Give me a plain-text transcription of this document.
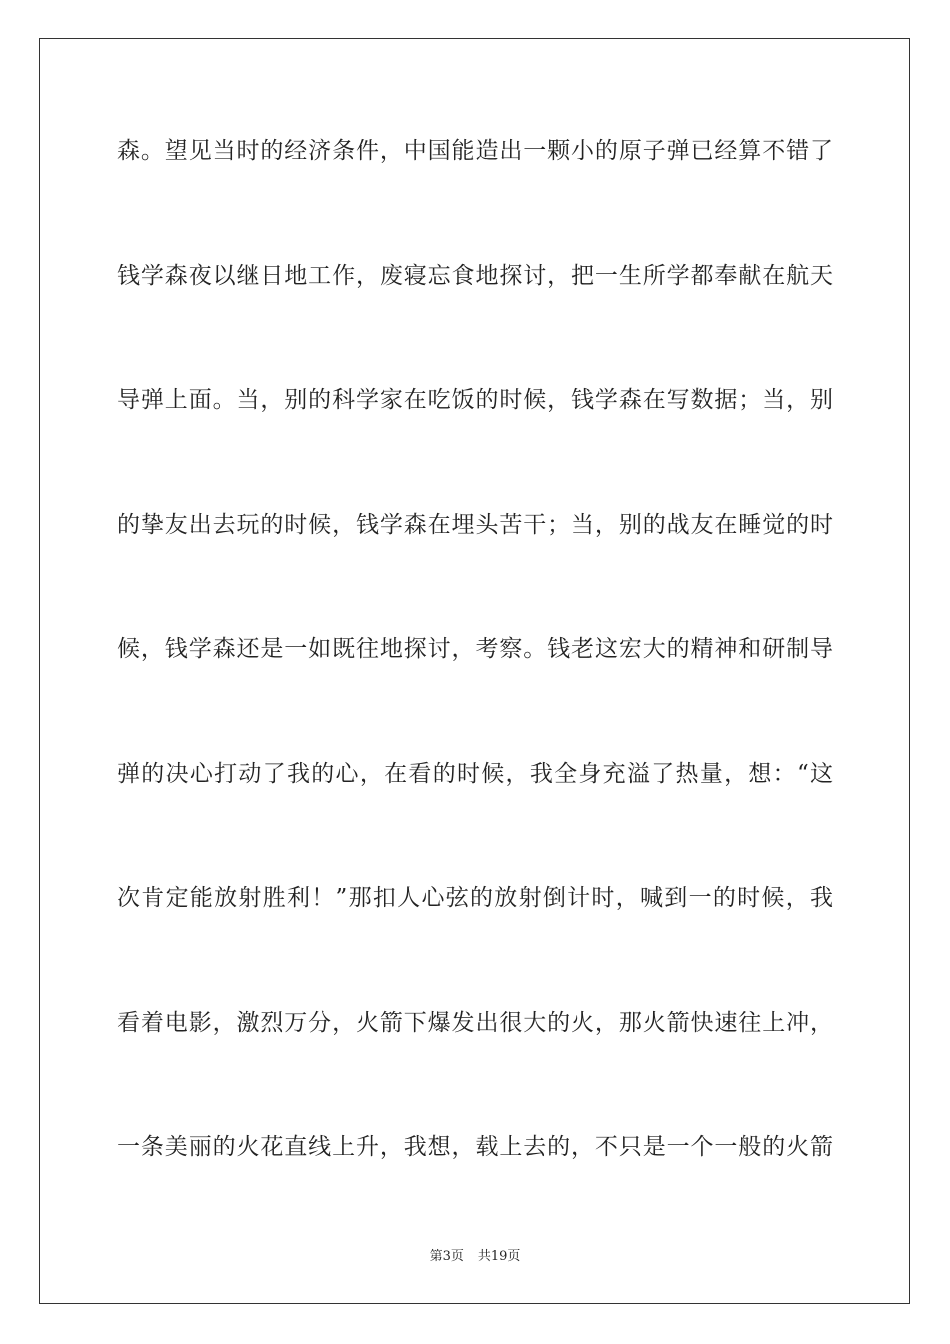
森。望见当时的经济条件，中国能造出一颗小的原子弹已经算不错了
钱学森夜以继日地工作，废寝忘食地探讨，把一生所学都奉献在航天
导弹上面。当，别的科学家在吃饭的时候，钱学森在写数据；当，别
的挚友出去玩的时候，钱学森在埋头苦干；当，别的战友在睡觉的时
候，钱学森还是一如既往地探讨，考察。钱老这宏大的精神和研制导
弹的决心打动了我的心，在看的时候，我全身充溢了热量，想：“这
次肯定能放射胜利！”那扣人心弦的放射倒计时，喊到一的时候，我
看着电影，激烈万分，火箭下爆发出很大的火，那火箭快速往上冲，
一条美丽的火花直线上升，我想，载上去的，不只是一个一般的火箭
第3页 共19页
